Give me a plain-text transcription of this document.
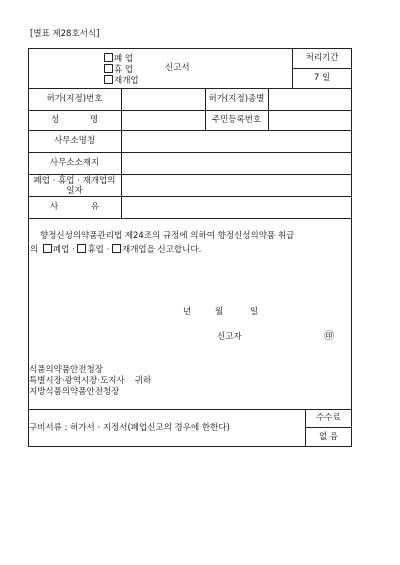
[별표 제28호서식]
폐 업
휴 업
재개업
신고서
처리기간
7 일
허가(지정)번호	허가(지정)종별
성 명	주민등록번호
사무소명칭
사무소소재지
폐업 · 휴업 · 재개업의
일자
사 유
향정신성의약품관리법 제24조의 규정에 의하여 향정신성의약품 취급
의 폐업 · 휴업 · 재개업을 신고합니다.
년	월	일
신고자	㊞
식품의약품안전청장
특별시장·광역시장·도지사 귀하
지방식품의약품안전청장
구비서류 : 허가서 · 지정서(폐업신고의 경우에 한한다)
수수료
없 음
